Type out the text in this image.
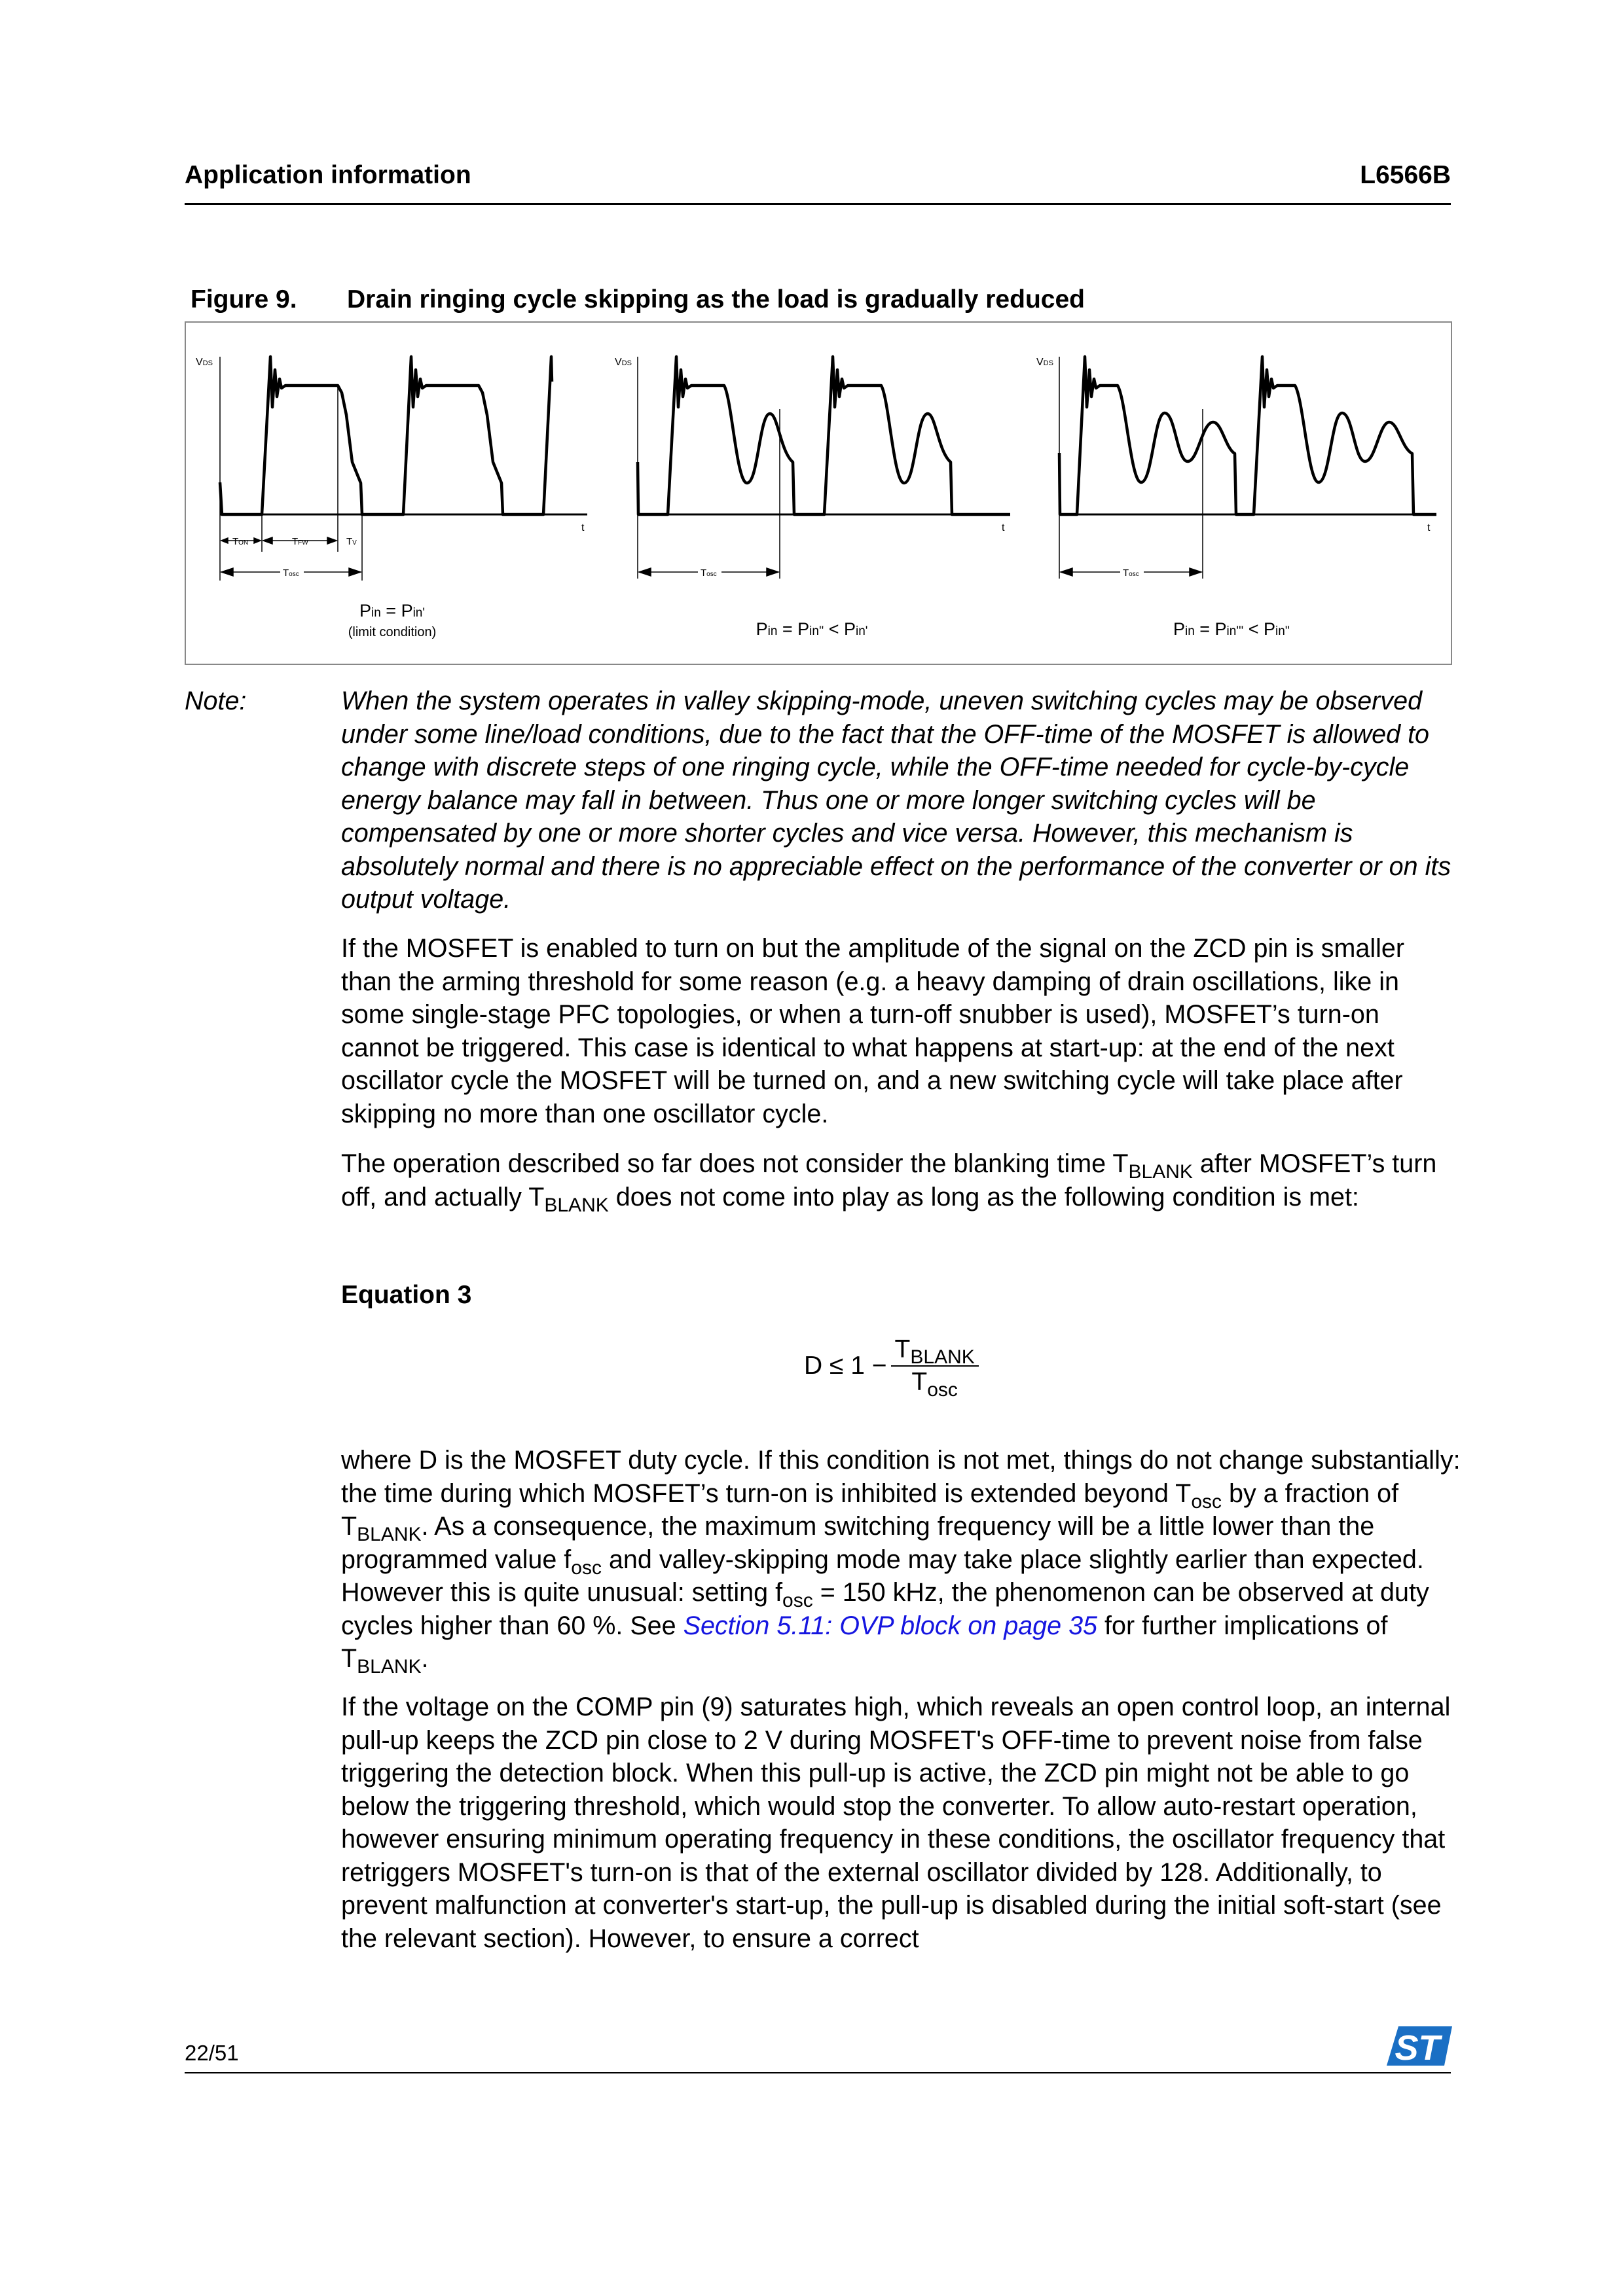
Application information	L6566B
Figure 9. Drain ringing cycle skipping as the load is gradually reduced
VDS	VDS	VDS
t	t	t
TON	TFW	TV
Tosc	Tosc	Tosc
Pin = Pin'
(limit condition)	Pin = Pin'' < Pin'	Pin = Pin''' < Pin''
Note:	When the system operates in valley skipping-mode, uneven switching cycles may be observed under some line/load conditions, due to the fact that the OFF-time of the MOSFET is allowed to change with discrete steps of one ringing cycle, while the OFF-time needed for cycle-by-cycle energy balance may fall in between. Thus one or more longer switching cycles will be compensated by one or more shorter cycles and vice versa. However, this mechanism is absolutely normal and there is no appreciable effect on the performance of the converter or on its output voltage.
If the MOSFET is enabled to turn on but the amplitude of the signal on the ZCD pin is smaller than the arming threshold for some reason (e.g. a heavy damping of drain oscillations, like in some single-stage PFC topologies, or when a turn-off snubber is used), MOSFET’s turn-on cannot be triggered. This case is identical to what happens at start-up: at the end of the next oscillator cycle the MOSFET will be turned on, and a new switching cycle will take place after skipping no more than one oscillator cycle.
The operation described so far does not consider the blanking time $T_{BLANK}$ after MOSFET’s turn off, and actually $T_{BLANK}$ does not come into play as long as the following condition is met:
Equation 3
$D \le 1 - \frac{T_{BLANK}}{T_{osc}}$
where D is the MOSFET duty cycle. If this condition is not met, things do not change substantially: the time during which MOSFET’s turn-on is inhibited is extended beyond $T_{osc}$ by a fraction of $T_{BLANK}$. As a consequence, the maximum switching frequency will be a little lower than the programmed value $f_{osc}$ and valley-skipping mode may take place slightly earlier than expected. However this is quite unusual: setting $f_{osc} = 150$ kHz, the phenomenon can be observed at duty cycles higher than 60 %. See Section 5.11: OVP block on page 35 for further implications of $T_{BLANK}$.
If the voltage on the COMP pin (9) saturates high, which reveals an open control loop, an internal pull-up keeps the ZCD pin close to 2 V during MOSFET's OFF-time to prevent noise from false triggering the detection block. When this pull-up is active, the ZCD pin might not be able to go below the triggering threshold, which would stop the converter. To allow auto-restart operation, however ensuring minimum operating frequency in these conditions, the oscillator frequency that retriggers MOSFET's turn-on is that of the external oscillator divided by 128. Additionally, to prevent malfunction at converter's start-up, the pull-up is disabled during the initial soft-start (see the relevant section). However, to ensure a correct
22/51	ST
